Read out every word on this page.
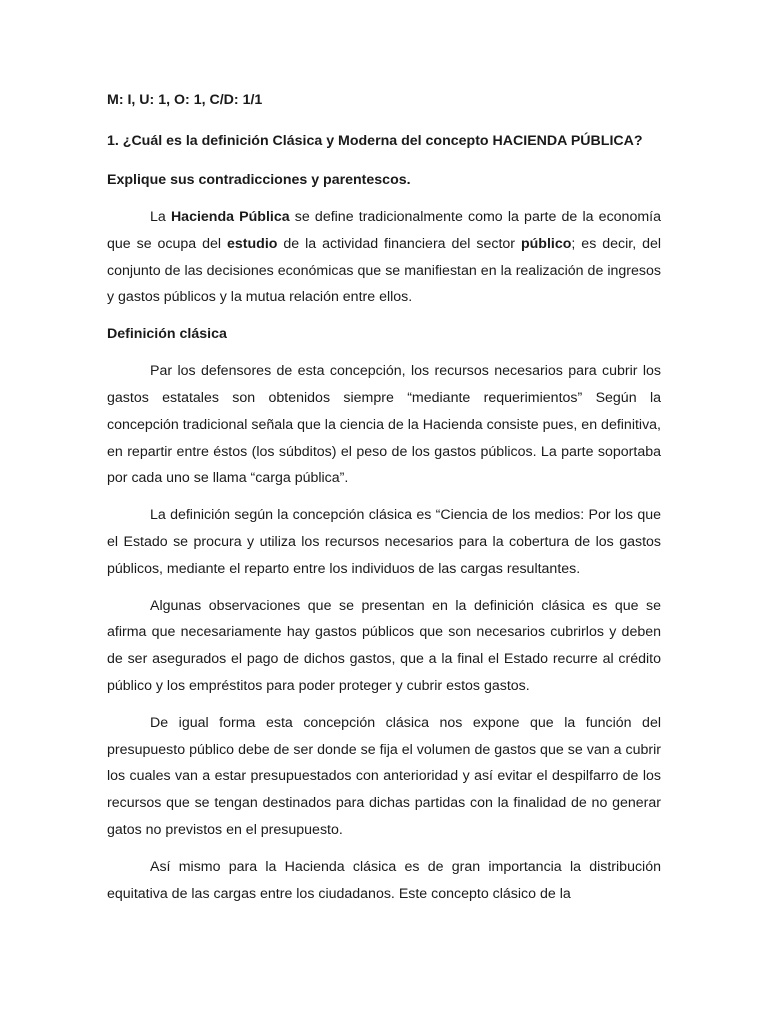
M: I, U: 1, O: 1, C/D: 1/1
1. ¿Cuál es la definición Clásica y Moderna del concepto HACIENDA PÚBLICA?
Explique sus contradicciones y parentescos.

La Hacienda Pública se define tradicionalmente como la parte de la economía que se ocupa del estudio de la actividad financiera del sector público; es decir, del conjunto de las decisiones económicas que se manifiestan en la realización de ingresos y gastos públicos y la mutua relación entre ellos.

Definición clásica

Par los defensores de esta concepción, los recursos necesarios para cubrir los gastos estatales son obtenidos siempre “mediante requerimientos” Según la concepción tradicional señala que la ciencia de la Hacienda consiste pues, en definitiva, en repartir entre éstos (los súbditos) el peso de los gastos públicos. La parte soportaba por cada uno se llama “carga pública”.

La definición según la concepción clásica es “Ciencia de los medios: Por los que el Estado se procura y utiliza los recursos necesarios para la cobertura de los gastos públicos, mediante el reparto entre los individuos de las cargas resultantes.

Algunas observaciones que se presentan en la definición clásica es que se afirma que necesariamente hay gastos públicos que son necesarios cubrirlos y deben de ser asegurados el pago de dichos gastos, que a la final el Estado recurre al crédito público y los empréstitos para poder proteger y cubrir estos gastos.

De igual forma esta concepción clásica nos expone que la función del presupuesto público debe de ser donde se fija el volumen de gastos que se van a cubrir los cuales van a estar presupuestados con anterioridad y así evitar el despilfarro de los recursos que se tengan destinados para dichas partidas con la finalidad de no generar gatos no previstos en el presupuesto.

Así mismo para la Hacienda clásica es de gran importancia la distribución equitativa de las cargas entre los ciudadanos. Este concepto clásico de la
